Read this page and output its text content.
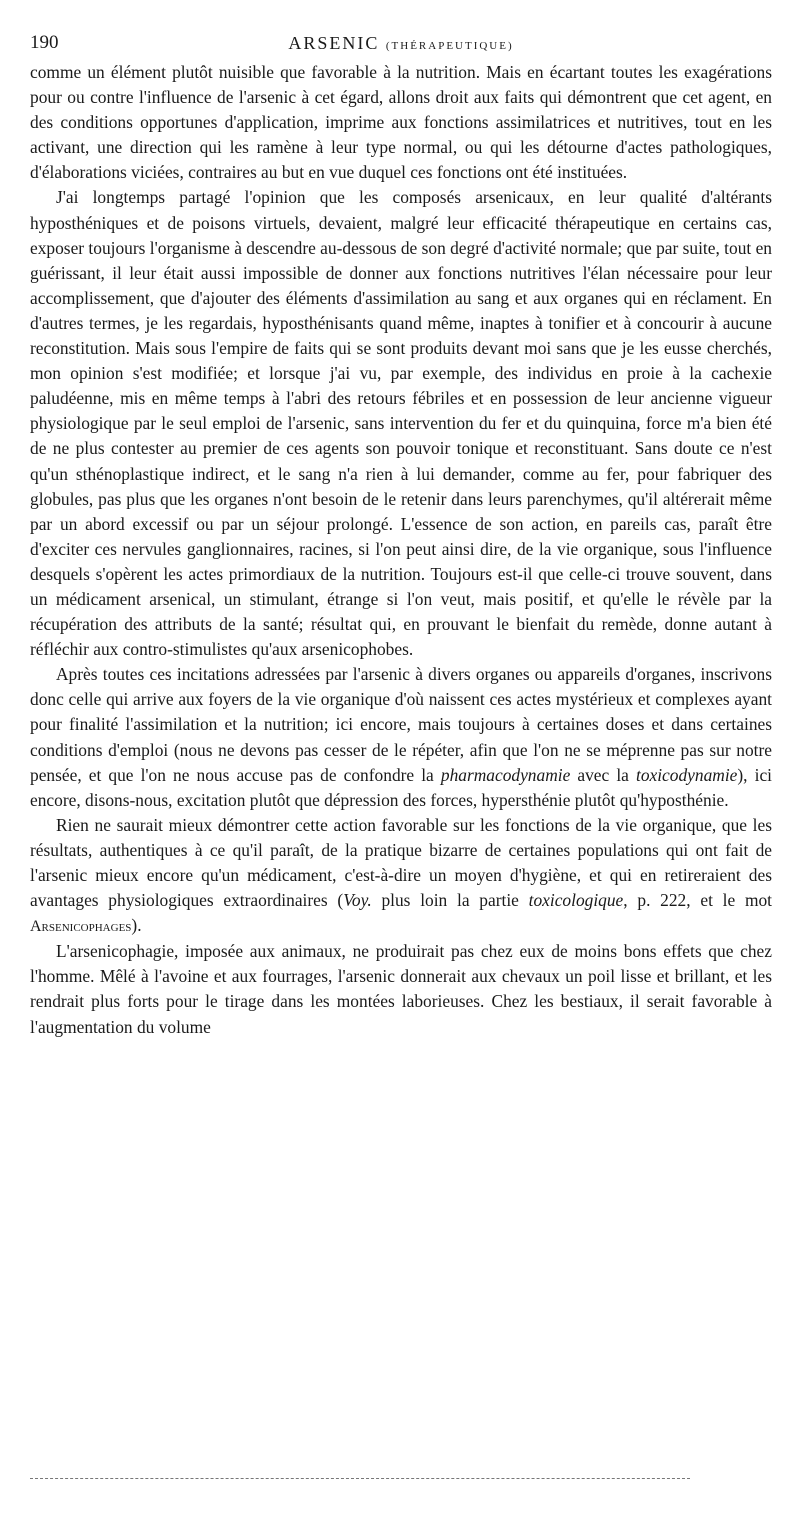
190	ARSENIC (THÉRAPEUTIQUE)

comme un élément plutôt nuisible que favorable à la nutrition. Mais en écartant toutes les exagérations pour ou contre l'influence de l'arsenic à cet égard, allons droit aux faits qui démontrent que cet agent, en des conditions opportunes d'application, imprime aux fonctions assimilatrices et nutritives, tout en les activant, une direction qui les ramène à leur type normal, ou qui les détourne d'actes pathologiques, d'élaborations viciées, contraires au but en vue duquel ces fonctions ont été instituées.

J'ai longtemps partagé l'opinion que les composés arsenicaux, en leur qualité d'altérants hyposthéniques et de poisons virtuels, devaient, malgré leur efficacité thérapeutique en certains cas, exposer toujours l'organisme à descendre au-dessous de son degré d'activité normale; que par suite, tout en guérissant, il leur était aussi impossible de donner aux fonctions nutritives l'élan nécessaire pour leur accomplissement, que d'ajouter des éléments d'assimilation au sang et aux organes qui en réclament. En d'autres termes, je les regardais, hyposthénisants quand même, inaptes à tonifier et à concourir à aucune reconstitution. Mais sous l'empire de faits qui se sont produits devant moi sans que je les eusse cherchés, mon opinion s'est modifiée; et lorsque j'ai vu, par exemple, des individus en proie à la cachexie paludéenne, mis en même temps à l'abri des retours fébriles et en possession de leur ancienne vigueur physiologique par le seul emploi de l'arsenic, sans intervention du fer et du quinquina, force m'a bien été de ne plus contester au premier de ces agents son pouvoir tonique et reconstituant. Sans doute ce n'est qu'un sthénoplastique indirect, et le sang n'a rien à lui demander, comme au fer, pour fabriquer des globules, pas plus que les organes n'ont besoin de le retenir dans leurs parenchymes, qu'il altérerait même par un abord excessif ou par un séjour prolongé. L'essence de son action, en pareils cas, paraît être d'exciter ces nervules ganglionnaires, racines, si l'on peut ainsi dire, de la vie organique, sous l'influence desquels s'opèrent les actes primordiaux de la nutrition. Toujours est-il que celle-ci trouve souvent, dans un médicament arsenical, un stimulant, étrange si l'on veut, mais positif, et qu'elle le révèle par la récupération des attributs de la santé; résultat qui, en prouvant le bienfait du remède, donne autant à réfléchir aux contro-stimulistes qu'aux arsenicophobes.

Après toutes ces incitations adressées par l'arsenic à divers organes ou appareils d'organes, inscrivons donc celle qui arrive aux foyers de la vie organique d'où naissent ces actes mystérieux et complexes ayant pour finalité l'assimilation et la nutrition; ici encore, mais toujours à certaines doses et dans certaines conditions d'emploi (nous ne devons pas cesser de le répéter, afin que l'on ne se méprenne pas sur notre pensée, et que l'on ne nous accuse pas de confondre la pharmacodynamie avec la toxicodynamie), ici encore, disons-nous, excitation plutôt que dépression des forces, hypersthénie plutôt qu'hyposthénie.

Rien ne saurait mieux démontrer cette action favorable sur les fonctions de la vie organique, que les résultats, authentiques à ce qu'il paraît, de la pratique bizarre de certaines populations qui ont fait de l'arsenic mieux encore qu'un médicament, c'est-à-dire un moyen d'hygiène, et qui en retireraient des avantages physiologiques extraordinaires (Voy. plus loin la partie toxicologique, p. 222, et le mot Arsenicophages).

L'arsenicophagie, imposée aux animaux, ne produirait pas chez eux de moins bons effets que chez l'homme. Mêlé à l'avoine et aux fourrages, l'arsenic donnerait aux chevaux un poil lisse et brillant, et les rendrait plus forts pour le tirage dans les montées laborieuses. Chez les bestiaux, il serait favorable à l'augmentation du volume
